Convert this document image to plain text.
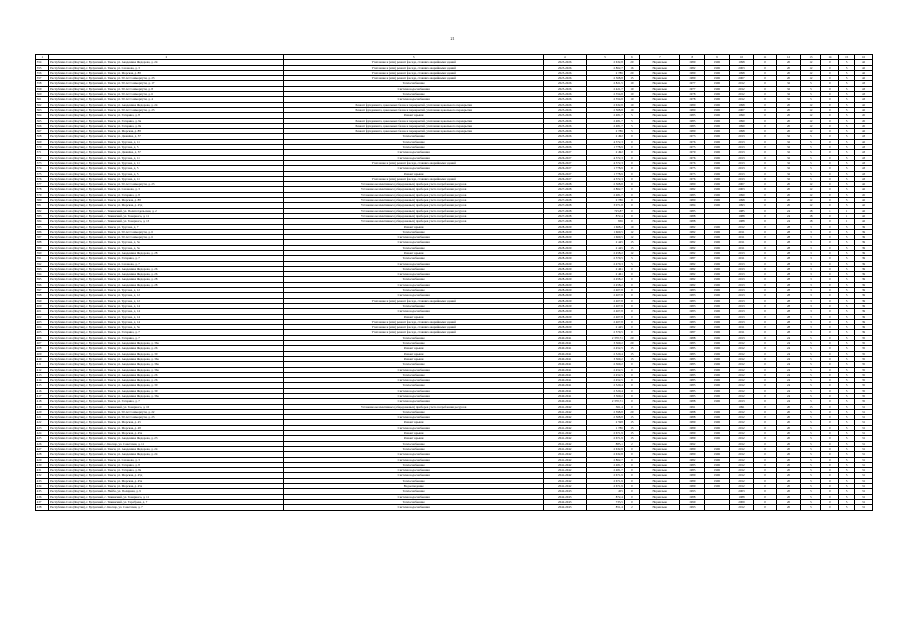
21
1	2	3	4	5	6	7	8	9	10	11	12	13	14	15	16
354	Республика Саха (Якутия), г. Булунский, п. Тикси, ул. Академика Федорова, д. 24	Утепление и (или) ремонт фасада, ставших аварийными зданий	2025-2026	2 632,8	20	Нормально	1980	1996	1998	0	20	12	0	5	42
355	Республика Саха (Якутия), г. Булунский, п. Тикси, ул. Сазанова, д. 3	Утепление и (или) ремонт фасада, ставших аварийными зданий	2025-2026	2 862,7	16	Нормально	1982	1996	2003	0	20	12	0	5	42
356	Республика Саха (Якутия), г. Булунский, п. Тикси, ул. Морская, д. 88	Утепление и (или) ремонт фасада, ставших аварийными зданий	2025-2026	2 786	20	Нормально	1980	1996	1998	0	20	12	0	5	42
357	Республика Саха (Якутия), г. Булунский, п. Тикси, ул. 50 лет Севморпути, д. 23	Утепление и (или) ремонт фасада, ставших аварийными зданий	2025-2026	2 568,8	15	Нормально	1980	1996	2007	0	20	12	0	5	42
358	Республика Саха (Якутия), г. Булунский, п. Тикси, ул. 50 лет Севморпути, д. 17	Теплоснабжение	2025-2026	2 821,5	10	Нормально	1977	1996	2012	0	32	5	0	5	43
359	Республика Саха (Якутия), г. Булунский, п. Тикси, ул. 50 лет Севморпути, д. 8	Система водоснабжения	2025-2026	2 421,7	10	Нормально	1977	1996	2012	0	32	5	0	5	43
360	Республика Саха (Якутия), г. Булунский, п. Тикси, ул. 50 лет Севморпути, д. 6	Теплоснабжение	2025-2026	2 354,8	10	Нормально	1978	1996	2012	0	32	5	0	5	43
361	Республика Саха (Якутия), г. Булунский, п. Тикси, ул. 50 лет Севморпути, д. 4	Система водоснабжения	2025-2026	2 354,8	10	Нормально	1978	1996	2012	0	32	5	0	5	43
362	Республика Саха (Якутия), г. Булунский, п. Тикси, ул. Академика Федорова, д. 24	Ремонт фундамента, цокольных балок и перекрытий, утепление цокольного перекрытия	2025-2026	2 632,8	10	Нормально	1980	1996	1998	0	20	12	0	5	42
363	Республика Саха (Якутия), г. Булунский, п. Тикси, ул. 50 лет Севморпути, д. 23	Ремонт фундамента, цокольных балок и перекрытий, утепление цокольного перекрытия	2025-2026	2 568,8	10	Нормально	1980	1996	2007	0	20	12	0	5	42
364	Республика Саха (Якутия), г. Булунский, п. Тикси, ул. Гагарина, д. 8	Ремонт крыши	2025-2026	2 481,7	5	Нормально	1985	1996	1990	0	20	12	0	5	45
365	Республика Саха (Якутия), г. Булунский, п. Тикси, ул. Гагарина, д. 9а	Ремонт фундамента, цокольных балок и перекрытий, утепление цокольного перекрытия	2025-2026	2 481,7	5	Нормально	1985	1996	1990	0	20	12	0	5	45
366	Республика Саха (Якутия), г. Булунский, п. Тикси, ул. Гагарина, д. 8а	Ремонт фундамента, цокольных балок и перекрытий, утепление цокольного перекрытия	2025-2026	2 481,7	5	Нормально	1985	1996	1990	0	20	12	0	5	45
367	Республика Саха (Якутия), г. Булунский, п. Тикси, ул. Морская, д. 88	Ремонт фундамента, цокольных балок и перекрытий, утепление цокольного перекрытия	2025-2026	2 786	5	Нормально	1980	1996	1998	0	20	12	0	5	42
368	Республика Саха (Якутия), г. Булунский, п. Тикси, ул. Дежнёва, д. 37	Теплоснабжение	2025-2026	2 492	0	Нормально	1973	1996	2013	0	32	5	0	5	43
369	Республика Саха (Якутия), г. Булунский, п. Тикси, ул. Трусова, д. 11	Теплоснабжение	2025-2026	4 372,3	0	Нормально	1976	1996	2013	0	32	5	0	5	42
370	Республика Саха (Якутия), г. Булунский, п. Тикси, ул. Трусова, д. 5	Теплоснабжение	2025-2026	1 778,9	0	Нормально	1975	1996	2013	0	32	5	0	5	43
371	Республика Саха (Якутия), г. Булунский, п. Тикси, ул. Дежнёва, д. 37	Система водоснабжения	2026-2027	2 492	0	Нормально	1979	1996	2013	0	32	5	0	5	43
372	Республика Саха (Якутия), г. Булунский, п. Тикси, ул. Трусова, д. 11	Система водоснабжения	2026-2027	4 372,3	0	Нормально	1976	1996	2013	0	32	5	0	5	43
373	Республика Саха (Якутия), г. Булунский, п. Тикси, ул. Трусова, д. 11	Утепление и (или) ремонт фасада, ставших аварийными зданий	2026-2027	4 372,3	0	Нормально	1976	1996	2013	0	32	5	0	5	43
374	Республика Саха (Якутия), г. Булунский, п. Тикси, ул. Трусова, д. 5	Система водоснабжения	2026-2027	1 778,9	0	Нормально	1975	1996	2013	0	32	5	0	5	43
375	Республика Саха (Якутия), г. Булунский, п. Тикси, ул. Трусова, д. 5	Ремонт крыши	2026-2027	1 778,9	0	Нормально	1975	1996	2013	0	32	5	0	5	43
376	Республика Саха (Якутия), г. Булунский, п. Тикси, ул. Трусова, д. 11	Утепление и (или) ремонт фасада, ставших аварийными зданий	2026-2027	4 372,3	0	Нормально	1976	1996	2013	0	32	5	0	5	43
377	Республика Саха (Якутия), г. Булунский, п. Тикси, ул. 50 лет Севморпути, д. 23	Установка коллективных (общедомовых) приборов учета потребления ресурсов	2027-2028	2 568,8	0	Нормально	1980	1996	2007	0	20	12	0	5	42
378	Республика Саха (Якутия), г. Булунский, п. Тикси, ул. Сазанова, д. 3	Установка коллективных (общедомовых) приборов учета потребления ресурсов	2027-2028	2 862,7	0	Нормально	1982	1996	2003	0	20	12	0	5	42
379	Республика Саха (Якутия), г. Булунский, п. Тикси, ул. Гагарина, д. 8	Установка коллективных (общедомовых) приборов учета потребления ресурсов	2027-2028	2 481,7	0	Нормально	1985	1996	1990	0	20	12	0	5	45
380	Республика Саха (Якутия), г. Булунский, п. Тикси, ул. Морская, д. 88	Установка коллективных (общедомовых) приборов учета потребления ресурсов	2027-2028	2 786	0	Нормально	1980	1996	1998	0	20	12	0	5	42
381	Республика Саха (Якутия), г. Булунский, п. Тикси, ул. Морская, д. 45д	Установка коллективных (общедомовых) приборов учета потребления ресурсов	2027-2028	3 071,8	0	Нормально	1984	1996	1993	0	20	12	0	5	42
382	Республика Саха (Якутия), г. Булунский, с. Тикинский, ул. Политотдельская, д. 2	Установка коллективных (общедомовых) приборов учета потребления ресурсов	2027-2028	725,87	0	Нормально	1985		1985	0	24	18	1	1	42
383	Республика Саха (Якутия), г. Булунский, с. Тикинский, ул. Токарного, д. 11	Установка коллективных (общедомовых) приборов учета потребления ресурсов	2027-2028	872,4	0	Нормально	1988		1988	0	24	18	0	1	42
384	Республика Саха (Якутия), г. Булунский, с. Тикинский, ул. Токарного, д. 13	Установка коллективных (общедомовых) приборов учета потребления ресурсов	2027-2028	836	0	Нормально	1988		1988	0	24	18	0	1	42
385	Республика Саха (Якутия), г. Булунский, п. Тикси, ул. Трусова, д. 7	Ремонт крыши	2028-2029	1 668,2	10	Нормально	1982	1996	2012	0	28	3	0	5	39
386	Республика Саха (Якутия), г. Булунский, п. Тикси, ул. 50 лет Севморпути, д. 6	Теплоснабжение	2028-2029	1 669,5	12	Нормально	1982	1996	2011	0	28	3	0	5	39
387	Республика Саха (Якутия), г. Булунский, п. Тикси, ул. 50 лет Севморпути, д. 6	Система водоснабжения	2028-2029	1 669,5	12	Нормально	1982	1996	2011	0	28	3	0	5	39
388	Республика Саха (Якутия), г. Булунский, п. Тикси, ул. Трусова, д. 3а	Система водоснабжения	2028-2029	2 445	15	Нормально	1982	1996	2011	0	28	3	0	5	39
389	Республика Саха (Якутия), г. Булунский, п. Тикси, ул. Трусова, д. 3а	Теплоснабжение	2028-2029	2 445	15	Нормально	1982	1996	2011	0	28	3	0	5	39
390	Республика Саха (Якутия), г. Булунский, п. Тикси, ул. Академика Федорова, д. 28	Ремонт крыши	2028-2029	2 458,2	12	Нормально	1982	1996	2013	0	28	3	0	5	39
391	Республика Саха (Якутия), г. Булунский, п. Тикси, ул. Гагарина, д. 7	Теплоснабжение	2028-2029	2 579,5	5	Нормально	1987	1996	2011	0	28	3	0	5	39
392	Республика Саха (Якутия), г. Булунский, п. Тикси, ул. Сазанова, д. 7	Система водоснабжения	2028-2029	2 470,3	5	Нормально	1982	1996	2013	0	28	3	0	5	39
393	Республика Саха (Якутия), г. Булунский, п. Тикси, ул. Академика Федорова, д. 26	Теплоснабжение	2028-2029	2 461	0	Нормально	1982	1996	2013	0	28	3	0	5	39
394	Республика Саха (Якутия), г. Булунский, п. Тикси, ул. Академика Федорова, д. 26	Система водоснабжения	2028-2029	2 461	0	Нормально	1982	1996	2013	0	28	3	0	5	39
395	Республика Саха (Якутия), г. Булунский, п. Тикси, ул. Академика Федорова, д. 28	Теплоснабжение	2028-2029	2 458,2	0	Нормально	1982	1996	2013	0	28	3	0	5	39
396	Республика Саха (Якутия), г. Булунский, п. Тикси, ул. Академика Федорова, д. 28	Система водоснабжения	2028-2029	2 458,2	0	Нормально	1982	1996	2013	0	28	3	0	5	39
397	Республика Саха (Якутия), г. Булунский, п. Тикси, ул. Трусова, д. 12	Теплоснабжение	2028-2029	2 407,8	0	Нормально	1983	1996	2013	0	28	3	0	5	39
398	Республика Саха (Якутия), г. Булунский, п. Тикси, ул. Трусова, д. 12	Система водоснабжения	2028-2029	2 407,8	0	Нормально	1983	1996	2013	0	28	3	0	5	39
399	Республика Саха (Якутия), г. Булунский, п. Тикси, ул. Трусова, д. 12	Утепление и (или) ремонт фасада, ставших аварийными зданий	2028-2029	2 407,8	0	Нормально	1983	1996	2013	0	28	3	0	5	39
400	Республика Саха (Якутия), г. Булунский, п. Тикси, ул. Трусова, д. 14	Теплоснабжение	2028-2029	2 407,8	0	Нормально	1983	1996	2013	0	28	3	0	5	39
401	Республика Саха (Якутия), г. Булунский, п. Тикси, ул. Трусова, д. 14	Система водоснабжения	2028-2029	2 407,8	0	Нормально	1983	1996	2013	0	28	3	0	5	39
402	Республика Саха (Якутия), г. Булунский, п. Тикси, ул. Трусова, д. 14	Ремонт крыши	2028-2029	2 407,8	0	Нормально	1983	1996	2013	0	28	3	0	5	39
403	Республика Саха (Якутия), г. Булунский, п. Тикси, ул. Трусова, д. 14	Утепление и (или) ремонт фасада, ставших аварийными зданий	2028-2029	2 407,8	0	Нормально	1983	1996	2013	0	28	3	0	5	39
404	Республика Саха (Якутия), г. Булунский, п. Тикси, ул. Трусова, д. 3а	Утепление и (или) ремонт фасада, ставших аварийными зданий	2028-2029	2 445	0	Нормально	1982	1996	2011	0	28	3	0	5	39
405	Республика Саха (Якутия), г. Булунский, п. Тикси, ул. Гагарина, д. 7	Утепление и (или) ремонт фасада, ставших аварийными зданий	2028-2029	2 579,5	0	Нормально	1987	1996	2011	0	28	3	0	5	39
406	Республика Саха (Якутия), г. Булунский, п. Тикси, ул. Гагарина, д. 7	Теплоснабжение	2040-2041	2 370,71	20	Нормально	1988	1996	2013	0	24	5	0	5	35
407	Республика Саха (Якутия), г. Булунский, п. Тикси, ул. Академика Федорова, д. 36а	Теплоснабжение	2040-2041	3 369,2	20	Нормально	1985	1996	2012	0	24	5	0	5	35
408	Республика Саха (Якутия), г. Булунский, п. Тикси, ул. Академика Федорова, д. 26	Ремонт крыши	2040-2041	2 452,5	15	Нормально	1985	1996	2012	0	24	5	0	5	35
409	Республика Саха (Якутия), г. Булунский, п. Тикси, ул. Академика Федорова, д. 30	Ремонт крыши	2040-2041	2 520,4	15	Нормально	1985	1996	2012	0	24	5	0	5	35
410	Республика Саха (Якутия), г. Булунский, п. Тикси, ул. Академика Федорова, д. 36а	Ремонт крыши	2040-2041	3 369,2	15	Нормально	1985	1996	2012	0	24	5	0	5	35
411	Республика Саха (Якутия), г. Булунский, п. Тикси, ул. Академика Федорова, д. 36а	Теплоснабжение	2040-2041	2 369,2	0	Нормально	1985	1996	2012	0	24	5	0	5	35
412	Республика Саха (Якутия), г. Булунский, п. Тикси, ул. Академика Федорова, д. 36а	Система водоснабжения	2040-2041	2 452,5	0	Нормально	1985	1996	2012	0	24	5	0	5	35
413	Республика Саха (Якутия), г. Булунский, п. Тикси, ул. Академика Федорова, д. 26	Теплоснабжение	2040-2041	2 452,5	0	Нормально	1985	1996	2012	0	24	5	0	5	35
414	Республика Саха (Якутия), г. Булунский, п. Тикси, ул. Академика Федорова, д. 26	Система водоснабжения	2040-2041	2 452,5	0	Нормально	1985	1996	2012	0	24	5	0	5	35
415	Республика Саха (Якутия), г. Булунский, п. Тикси, ул. Академика Федорова, д. 30	Теплоснабжение	2040-2041	2 520,4	0	Нормально	1985	1996	2012	0	24	5	0	5	35
416	Республика Саха (Якутия), г. Булунский, п. Тикси, ул. Академика Федорова, д. 30	Система водоснабжения	2040-2041	2 520,4	0	Нормально	1985	1996	2012	0	24	5	0	5	35
417	Республика Саха (Якутия), г. Булунский, п. Тикси, ул. Академика Федорова, д. 36а	Система водоснабжения	2040-2041	3 369,2	0	Нормально	1985	1996	2012	0	24	5	0	5	35
418	Республика Саха (Якутия), г. Булунский, п. Тикси, ул. Гагарина, д. 7	Система водоснабжения	2040-2041	2 370,71	0	Нормально	1988	1996	2013	0	24	5	0	5	35
419	Республика Саха (Якутия), г. Булунский, с. Тикинский, ул. Токарного, д. 10	Установка коллективных (общедомовых) приборов учета потребления ресурсов	2041-2042	361,4	0	Нормально	1991		1991	0	20	15	0	5	31
420	Республика Саха (Якутия), г. Булунский, п. Тикси, ул. 50 лет Севморпути, д. 22	Теплоснабжение	2041-2042	2 598,8	20	Нормально	1988	1996	2012	0	20	5	0	5	31
421	Республика Саха (Якутия), г. Булунский, п. Тикси, ул. 50 лет Севморпути, д. 23	Система водоснабжения	2041-2042	2 568,8	15	Нормально	1988	1996	2012	0	20	5	0	5	31
422	Республика Саха (Якутия), г. Булунский, п. Тикси, ул. Морская, д. 45	Ремонт крыши	2041-2042	2 598	15	Нормально	1989	1996	2012	0	20	5	0	5	31
423	Республика Саха (Якутия), г. Булунский, п. Тикси, ул. Морская, д. 48	Система водоснабжения	2041-2042	1 786	15	Нормально	1989	1996	2012	0	20	5	0	5	31
424	Республика Саха (Якутия), г. Булунский, п. Тикси, ул. Морская, д. 45а	Ремонт крыши	2041-2042	2 671,9	15	Нормально	1989	1996	2012	0	20	5	0	5	31
425	Республика Саха (Якутия), г. Булунский, п. Тикси, ул. Академика Федорова, д. 23	Ремонт крыши	2041-2042	2 671,9	15	Нормально	1989	1996	2012	0	20	5	0	5	31
426	Республика Саха (Якутия), г. Булунский, с. Кюсюр, ул. Советская, д. 11	Теплоснабжение	2041-2042	885,1	2	Нормально	1992		2012	0	20	5	0	5	31
427	Республика Саха (Якутия), г. Булунский, п. Тикси, ул. Академика Федорова, д. 24	Теплоснабжение	2041-2042	2 632,8	0	Нормально	1980	1996	2012	0	20	5	0	5	31
428	Республика Саха (Якутия), г. Булунский, п. Тикси, ул. Академика Федорова, д. 24	Система водоснабжения	2041-2042	2 632,8	0	Нормально	1980	1996	2012	0	20	5	0	5	31
429	Республика Саха (Якутия), г. Булунский, п. Тикси, ул. Сазанова, д. 3	Система водоснабжения	2041-2042	2 862,7	0	Нормально	1982	1996	2012	0	20	5	0	5	31
430	Республика Саха (Якутия), г. Булунский, п. Тикси, ул. Гагарина, д. 8	Теплоснабжение	2041-2042	2 481,7	0	Нормально	1985	1996	2012	0	20	5	0	5	31
431	Республика Саха (Якутия), г. Булунский, п. Тикси, ул. Гагарина, д. 8а	Система водоснабжения	2041-2042	2 481,7	0	Нормально	1985	1996	2012	0	20	5	0	5	31
432	Республика Саха (Якутия), г. Булунский, п. Тикси, ул. Морская, д. 45д	Система водоснабжения	2041-2042	2 671,9	0	Нормально	1989	1996	2012	0	20	5	0	5	31
433	Республика Саха (Якутия), г. Булунский, п. Тикси, ул. Морская, д. 45а	Теплоснабжение	2041-2042	2 671,9	0	Нормально	1989	1996	2012	0	20	5	0	5	31
434	Республика Саха (Якутия), г. Булунский, п. Тикси, ул. Морская, д. 45а	Водоотведение	2041-2042	2 671,9	0	Нормально	1989	1996	2012	0	20	5	0	5	31
435	Республика Саха (Якутия), г. Булунский, п. Найба, ул. Полярная, д. 9	Теплоснабжение	2042-2043	455	0	Нормально	1993		2003	0	20	5	0	5	31
436	Республика Саха (Якутия), г. Булунский, с. Тикинский, ул. Токарного, д. 11	Система водоснабжения	2042-2043	872,4	0	Нормально	1988		1988	0	20	5	0	5	31
437	Республика Саха (Якутия), г. Булунский, с. Тикинский, ул. Тарабуева, д. 7	Теплоснабжение	2042-2043	733,5	0	Нормально	1990		2009	0	20	5	0	5	31
438	Республика Саха (Якутия), г. Булунский, с. Кюсюр, ул. Советская, д. 7	Система водоснабжения	2042-2043	851,4	2	Нормально	1993		2012	0	20	5	0	5	31
